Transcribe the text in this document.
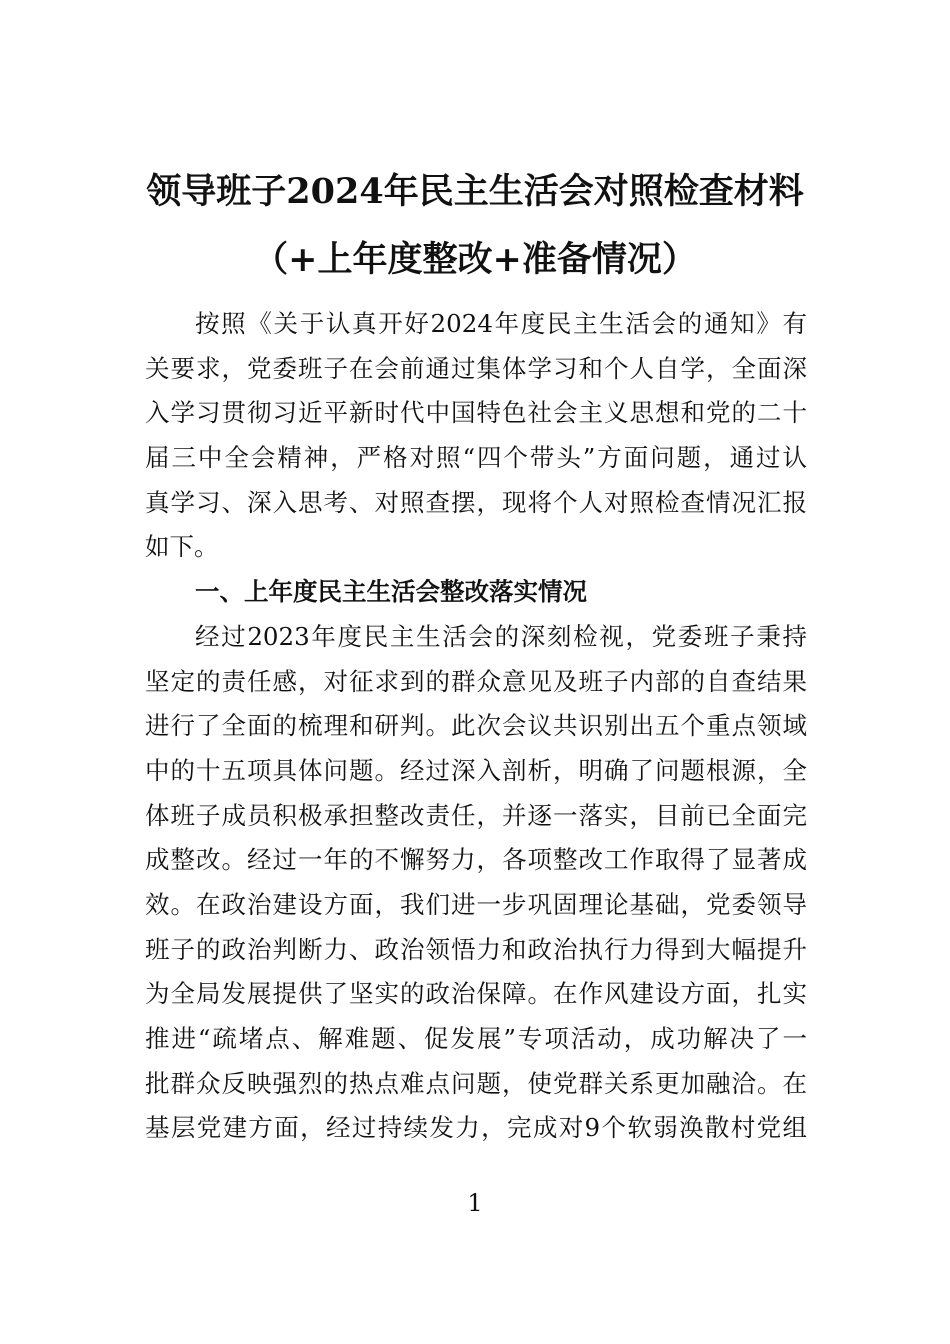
领导班子2024年民主生活会对照检查材料
（+上年度整改+准备情况）
按照《关于认真开好2024年度民主生活会的通知》有
关要求，党委班子在会前通过集体学习和个人自学，全面深
入学习贯彻习近平新时代中国特色社会主义思想和党的二十
届三中全会精神，严格对照“四个带头”方面问题，通过认
真学习、深入思考、对照查摆，现将个人对照检查情况汇报
如下。
一、上年度民主生活会整改落实情况
经过2023年度民主生活会的深刻检视，党委班子秉持
坚定的责任感，对征求到的群众意见及班子内部的自查结果
进行了全面的梳理和研判。此次会议共识别出五个重点领域
中的十五项具体问题。经过深入剖析，明确了问题根源，全
体班子成员积极承担整改责任，并逐一落实，目前已全面完
成整改。经过一年的不懈努力，各项整改工作取得了显著成
效。在政治建设方面，我们进一步巩固理论基础，党委领导
班子的政治判断力、政治领悟力和政治执行力得到大幅提升
为全局发展提供了坚实的政治保障。在作风建设方面，扎实
推进“疏堵点、解难题、促发展”专项活动，成功解决了一
批群众反映强烈的热点难点问题，使党群关系更加融洽。在
基层党建方面，经过持续发力，完成对9个软弱涣散村党组
1
